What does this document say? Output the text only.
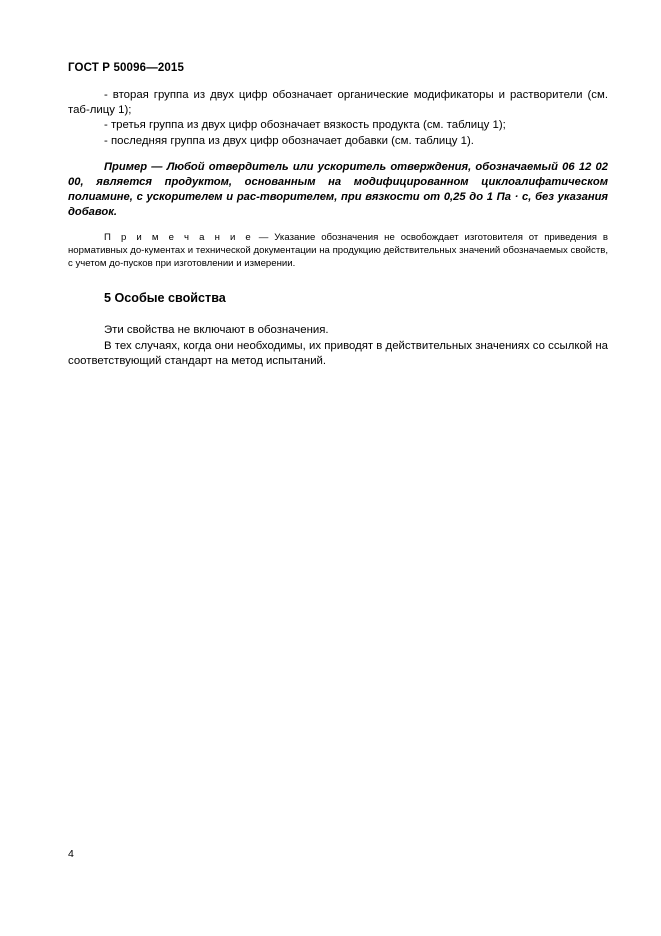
ГОСТ Р 50096—2015

- вторая группа из двух цифр обозначает органические модификаторы и растворители (см. таб-лицу 1);

- третья группа из двух цифр обозначает вязкость продукта (см. таблицу 1);

- последняя группа из двух цифр обозначает добавки (см. таблицу 1).

Пример — Любой отвердитель или ускоритель отверждения, обозначаемый 06 12 02 00, является продуктом, основанным на модифицированном циклоалифатическом полиамине, с ускорителем и рас-творителем, при вязкости от 0,25 до 1 Па · с, без указания добавок.

П р и м е ч а н и е — Указание обозначения не освобождает изготовителя от приведения в нормативных до-кументах и технической документации на продукцию действительных значений обозначаемых свойств, с учетом до-пусков при изготовлении и измерении.

5 Особые свойства

Эти свойства не включают в обозначения.

В тех случаях, когда они необходимы, их приводят в действительных значениях со ссылкой на соответствующий стандарт на метод испытаний.

4
